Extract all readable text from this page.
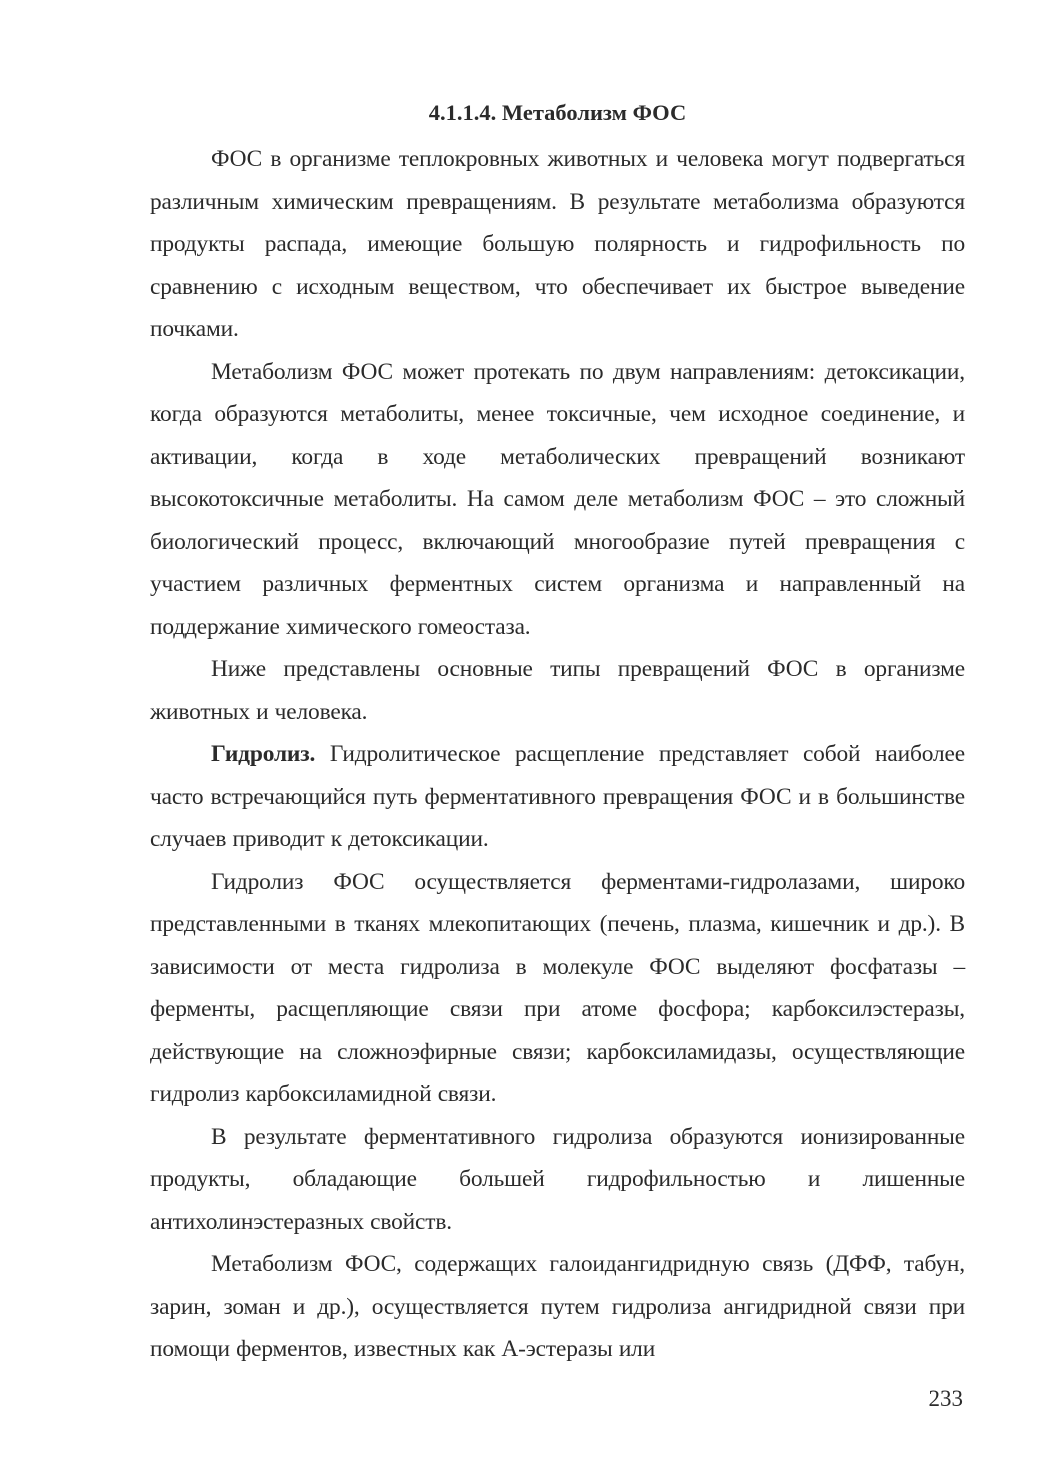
4.1.1.4. Метаболизм ФОС

ФОС в организме теплокровных животных и человека могут подвергаться различным химическим превращениям. В результате метаболизма образуются продукты распада, имеющие большую полярность и гидрофильность по сравнению с исходным веществом, что обеспечивает их быстрое выведение почками.

Метаболизм ФОС может протекать по двум направлениям: детоксикации, когда образуются метаболиты, менее токсичные, чем исходное соединение, и активации, когда в ходе метаболических превращений возникают высокотоксичные метаболиты. На самом деле метаболизм ФОС – это сложный биологический процесс, включающий многообразие путей превращения с участием различных ферментных систем организма и направленный на поддержание химического гомеостаза.

Ниже представлены основные типы превращений ФОС в организме животных и человека.

Гидролиз. Гидролитическое расщепление представляет собой наиболее часто встречающийся путь ферментативного превращения ФОС и в большинстве случаев приводит к детоксикации.

Гидролиз ФОС осуществляется ферментами-гидролазами, широко представленными в тканях млекопитающих (печень, плазма, кишечник и др.). В зависимости от места гидролиза в молекуле ФОС выделяют фосфатазы – ферменты, расщепляющие связи при атоме фосфора; карбоксилэстеразы, действующие на сложноэфирные связи; карбоксиламидазы, осуществляющие гидролиз карбоксиламидной связи.

В результате ферментативного гидролиза образуются ионизированные продукты, обладающие большей гидрофильностью и лишенные антихолинэстеразных свойств.

Метаболизм ФОС, содержащих галоидангидридную связь (ДФФ, табун, зарин, зоман и др.), осуществляется путем гидролиза ангидридной связи при помощи ферментов, известных как А-эстеразы или

233
